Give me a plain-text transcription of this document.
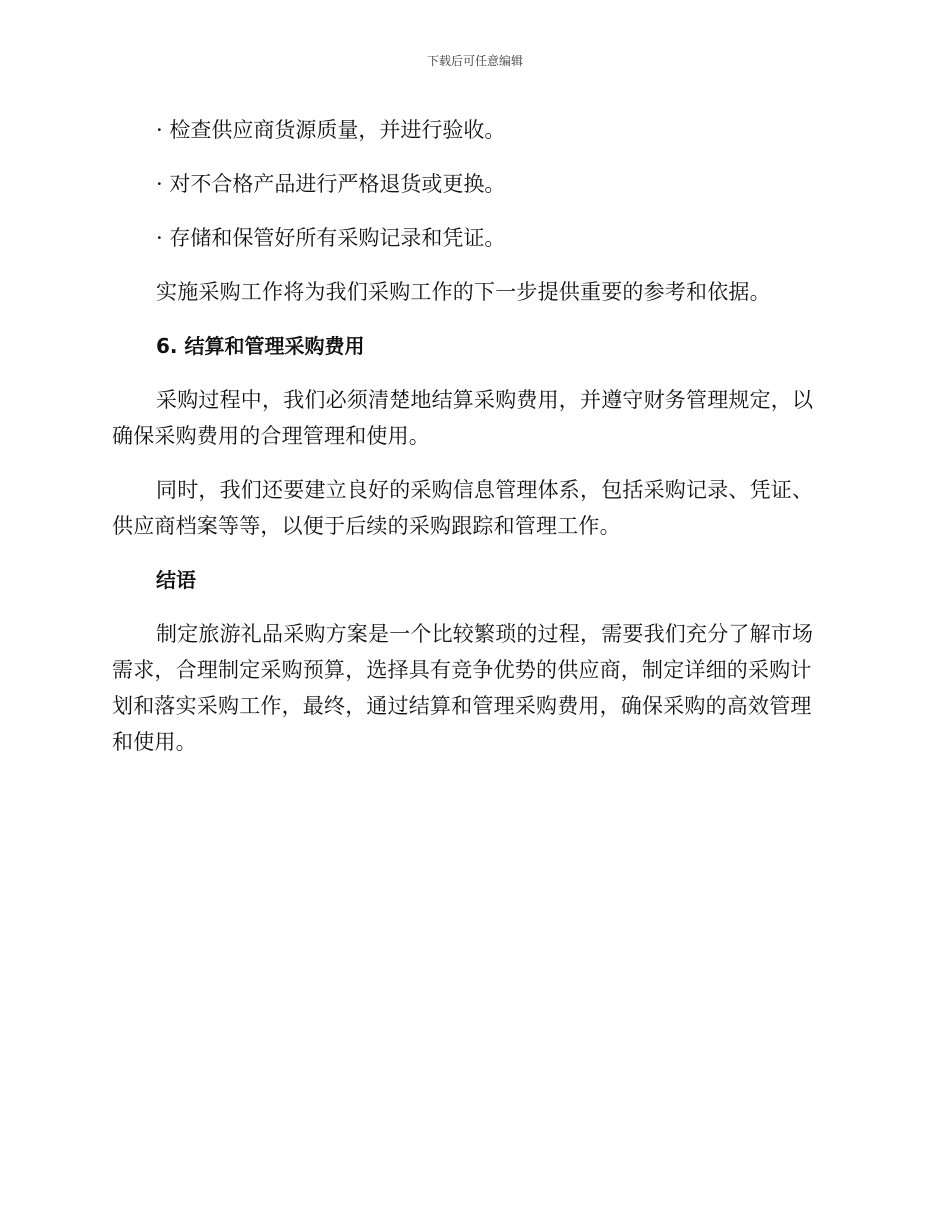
下载后可任意编辑
· 检查供应商货源质量，并进行验收。
· 对不合格产品进行严格退货或更换。
· 存储和保管好所有采购记录和凭证。

实施采购工作将为我们采购工作的下一步提供重要的参考和依据。

6. 结算和管理采购费用

采购过程中，我们必须清楚地结算采购费用，并遵守财务管理规定，以确保采购费用的合理管理和使用。

同时，我们还要建立良好的采购信息管理体系，包括采购记录、凭证、供应商档案等等，以便于后续的采购跟踪和管理工作。

结语

制定旅游礼品采购方案是一个比较繁琐的过程，需要我们充分了解市场需求，合理制定采购预算，选择具有竞争优势的供应商，制定详细的采购计划和落实采购工作，最终，通过结算和管理采购费用，确保采购的高效管理和使用。
